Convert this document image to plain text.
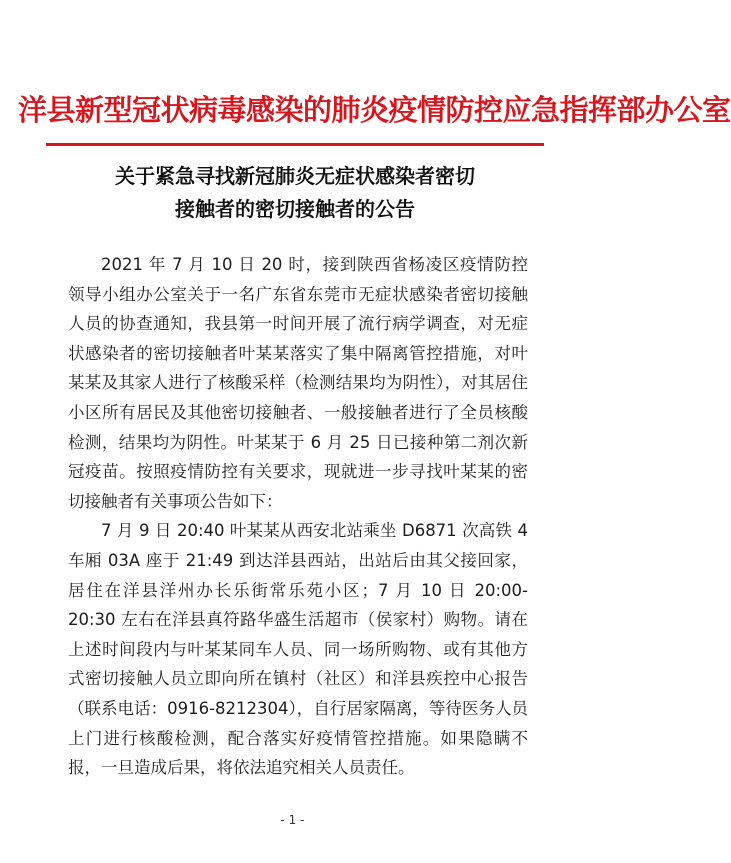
洋县新型冠状病毒感染的肺炎疫情防控应急指挥部办公室
关于紧急寻找新冠肺炎无症状感染者密切
接触者的密切接触者的公告

2021 年 7 月 10 日 20 时，接到陕西省杨凌区疫情防控领导小组办公室关于一名广东省东莞市无症状感染者密切接触人员的协查通知，我县第一时间开展了流行病学调查，对无症状感染者的密切接触者叶某某落实了集中隔离管控措施，对叶某某及其家人进行了核酸采样（检测结果均为阴性），对其居住小区所有居民及其他密切接触者、一般接触者进行了全员核酸检测，结果均为阴性。叶某某于 6 月 25 日已接种第二剂次新冠疫苗。按照疫情防控有关要求，现就进一步寻找叶某某的密切接触者有关事项公告如下：

7 月 9 日 20:40 叶某某从西安北站乘坐 D6871 次高铁 4 车厢 03A 座于 21:49 到达洋县西站，出站后由其父接回家，居住在洋县洋州办长乐街常乐苑小区；7 月 10 日 20:00-20:30 左右在洋县真符路华盛生活超市（侯家村）购物。请在上述时间段内与叶某某同车人员、同一场所购物、或有其他方式密切接触人员立即向所在镇村（社区）和洋县疾控中心报告（联系电话：0916-8212304），自行居家隔离，等待医务人员上门进行核酸检测，配合落实好疫情管控措施。如果隐瞒不报，一旦造成后果，将依法追究相关人员责任。

- 1 -
